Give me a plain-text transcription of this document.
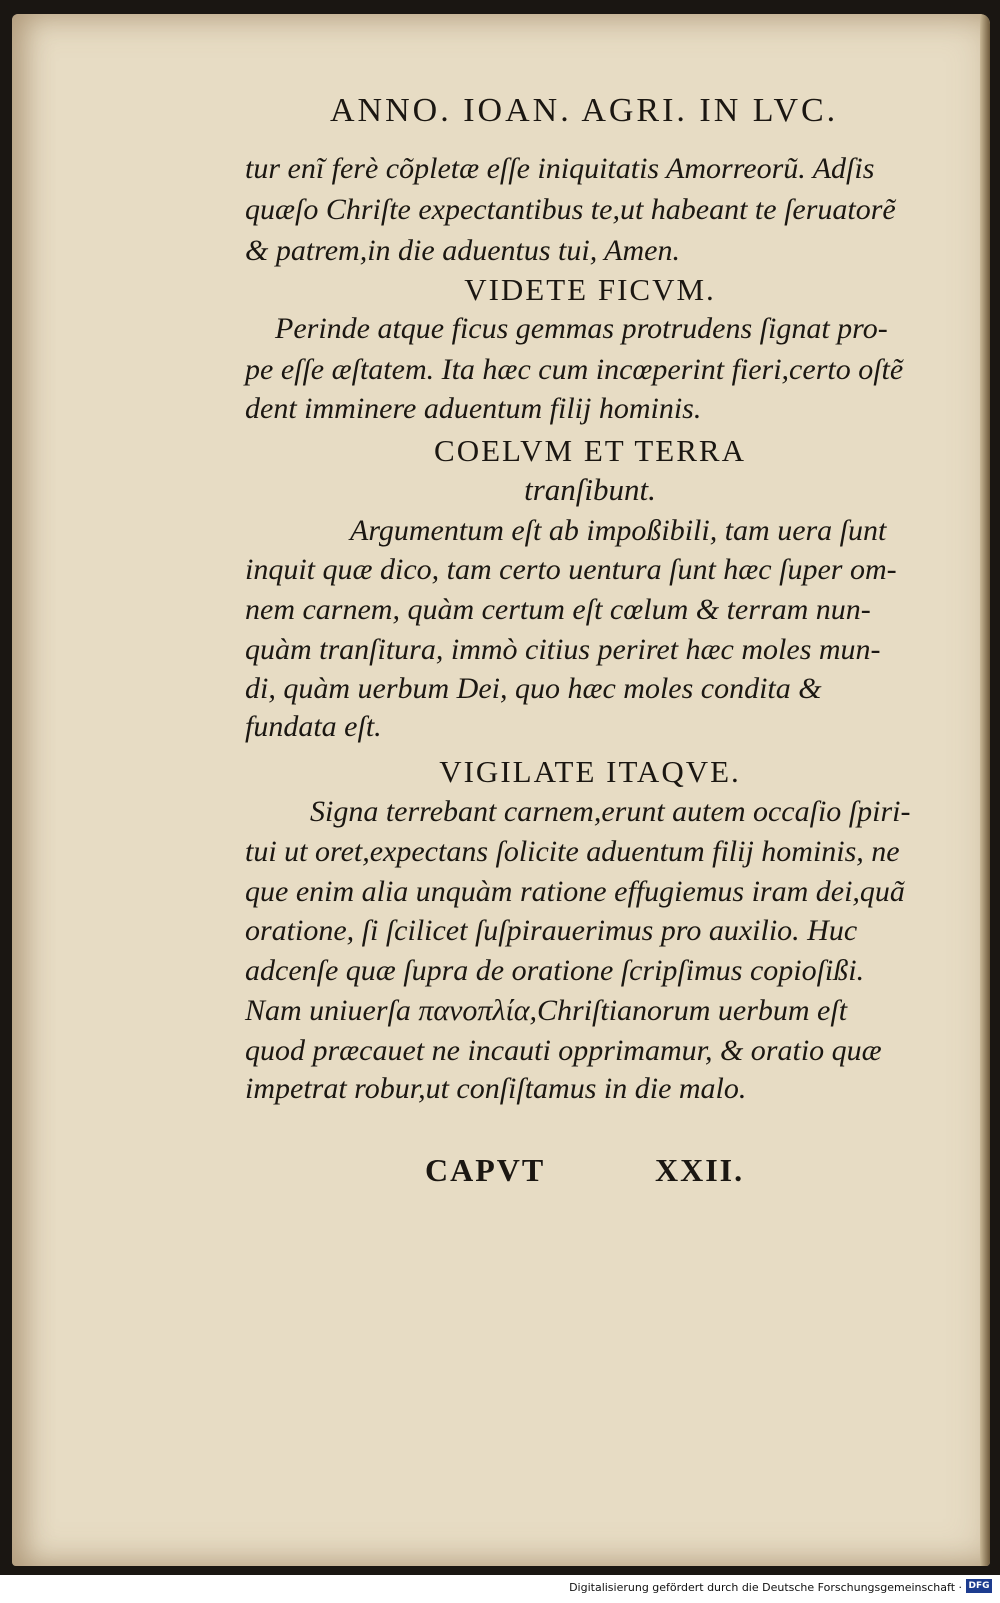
ANNO. IOAN. AGRI. IN LVC.
tur enĩ ferè cõpletæ eſſe iniquitatis Amorreorũ. Adſis
quæſo Chriſte expectantibus te,ut habeant te ſeruatorẽ
& patrem,in die aduentus tui, Amen.
VIDETE FICVM.
Perinde atque ficus gemmas protrudens ſignat pro-
pe eſſe æſtatem. Ita hæc cum incœperint fieri,certo oſtẽ
dent imminere aduentum filij hominis.
COELVM ET TERRA
tranſibunt.
Argumentum eſt ab impoßibili, tam uera ſunt
inquit quæ dico, tam certo uentura ſunt hæc ſuper om-
nem carnem, quàm certum eſt cœlum & terram nun-
quàm tranſitura, immò citius periret hæc moles mun-
di, quàm uerbum Dei, quo hæc moles condita &
fundata eſt.
VIGILATE ITAQVE.
Signa terrebant carnem,erunt autem occaſio ſpiri-
tui ut oret,expectans ſolicite aduentum filij hominis, ne
que enim alia unquàm ratione effugiemus iram dei,quã
oratione, ſi ſcilicet ſuſpirauerimus pro auxilio. Huc
adcenſe quæ ſupra de oratione ſcripſimus copioſißi.
Nam uniuerſa πανοπλία,Chriſtianorum uerbum eſt
quod præcauet ne incauti opprimamur, & oratio quæ
impetrat robur,ut conſiſtamus in die malo.
CAPVT	XXII.
Digitalisierung gefördert durch die Deutsche Forschungsgemeinschaft · DFG
